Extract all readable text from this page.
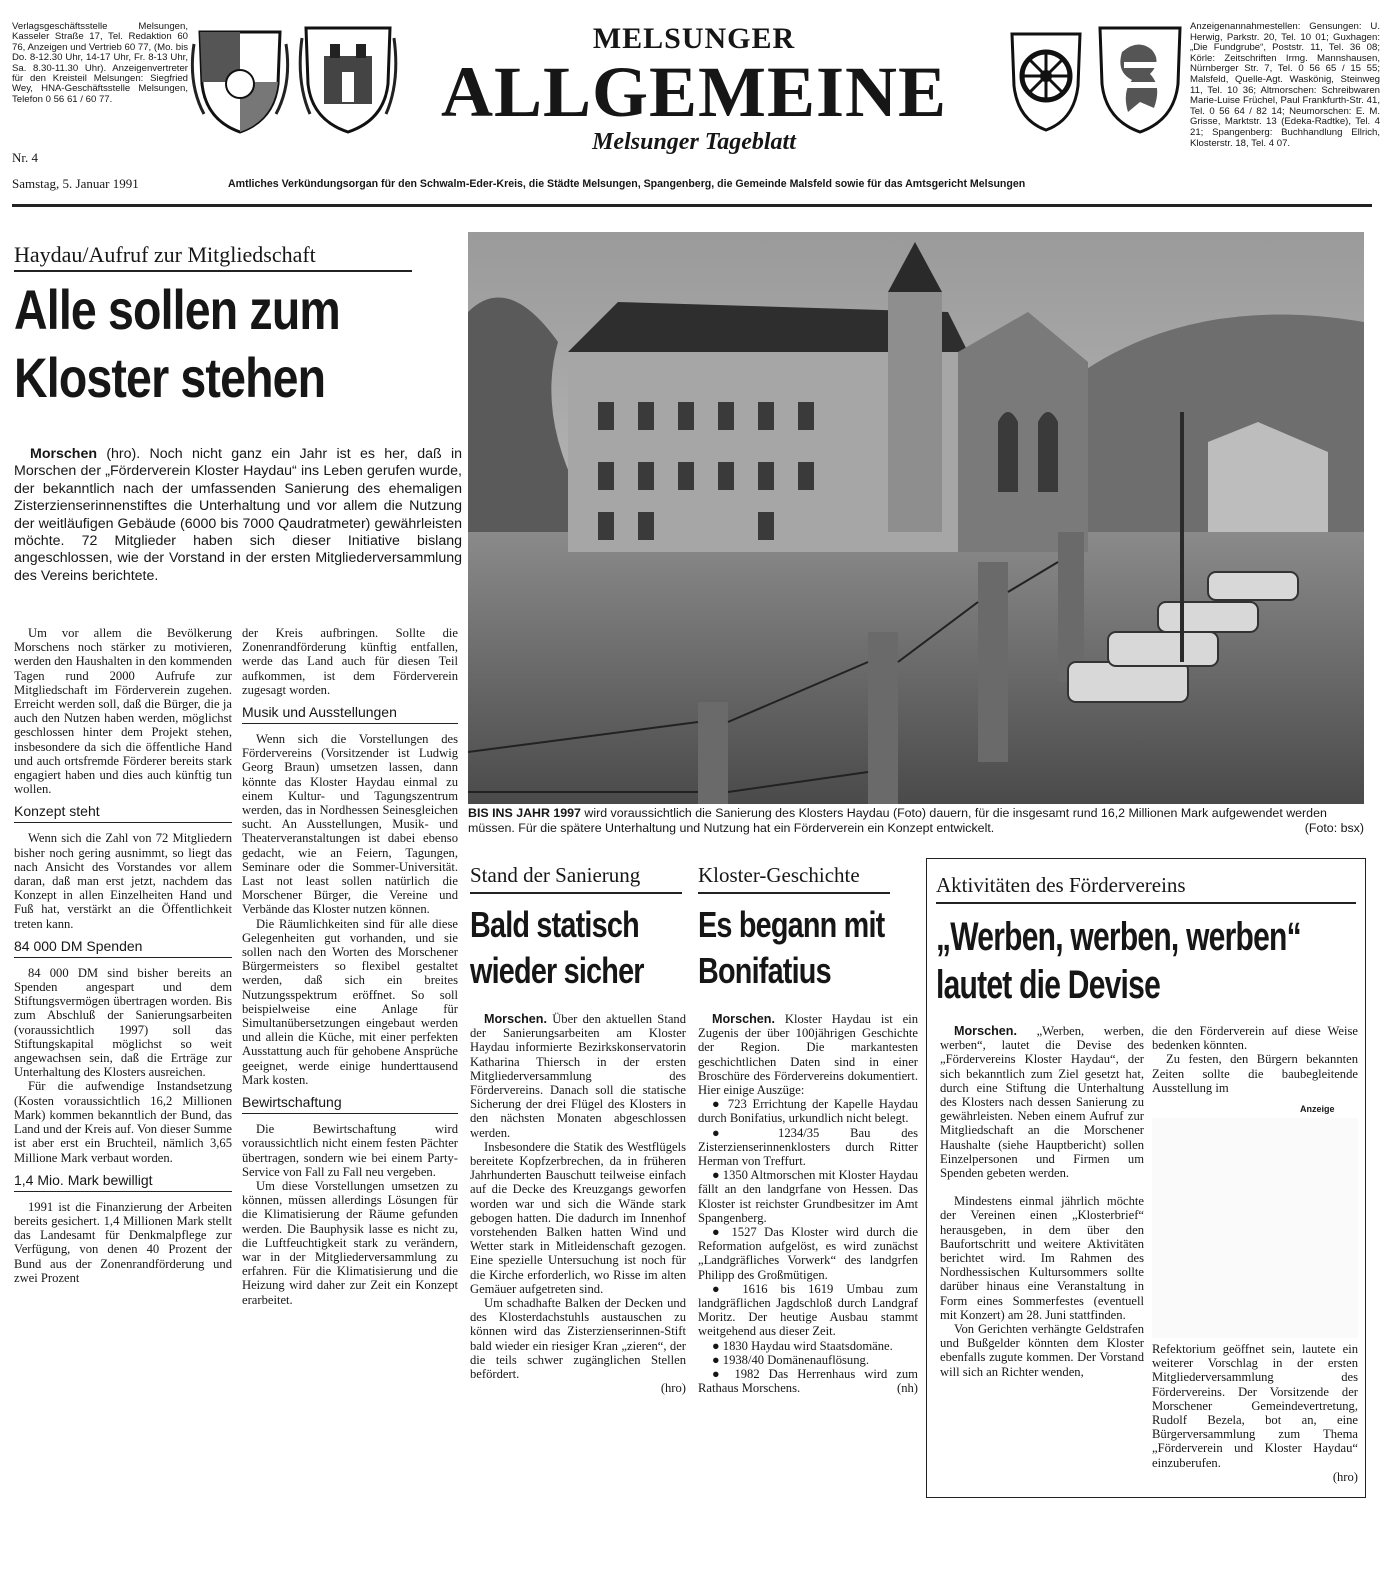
Verlagsgeschäftsstelle Melsungen, Kasseler Straße 17, Tel. Redaktion 60 76, Anzeigen und Vertrieb 60 77, (Mo. bis Do. 8-12.30 Uhr, 14-17 Uhr, Fr. 8-13 Uhr, Sa. 8.30-11.30 Uhr). Anzeigenvertreter für den Kreisteil Melsungen: Siegfried Wey, HNA-Geschäftsstelle Melsungen, Telefon 0 56 61 / 60 77.
MELSUNGER
ALLGEMEINE
Melsunger Tageblatt
Anzeigenannahmestellen: Gensungen: U. Herwig, Parkstr. 20, Tel. 10 01; Guxhagen: „Die Fundgrube“, Poststr. 11, Tel. 36 08; Körle: Zeitschriften Irmg. Mannshausen, Nürnberger Str. 7, Tel. 0 56 65 / 15 55; Malsfeld, Quelle-Agt. Waskönig, Steinweg 11, Tel. 10 36; Altmorschen: Schreibwaren Marie-Luise Früchel, Paul Frankfurth-Str. 41, Tel. 0 56 64 / 82 14; Neumorschen: E. M. Grisse, Marktstr. 13 (Edeka-Radtke), Tel. 4 21; Spangenberg: Buchhandlung Ellrich, Klosterstr. 18, Tel. 4 07.
Nr. 4
Samstag, 5. Januar 1991	Amtliches Verkündungsorgan für den Schwalm-Eder-Kreis, die Städte Melsungen, Spangenberg, die Gemeinde Malsfeld sowie für das Amtsgericht Melsungen
Haydau/Aufruf zur Mitgliedschaft
Alle sollen zum
Kloster stehen
Morschen (hro). Noch nicht ganz ein Jahr ist es her, daß in Morschen der „Förderverein Kloster Haydau“ ins Leben gerufen wurde, der bekanntlich nach der umfassenden Sanierung des ehemaligen Zisterzienserinnenstiftes die Unterhaltung und vor allem die Nutzung der weitläufigen Gebäude (6000 bis 7000 Qaudratmeter) gewährleisten möchte. 72 Mitglieder haben sich dieser Initiative bislang angeschlossen, wie der Vorstand in der ersten Mitgliederversammlung des Vereins berichtete.

Um vor allem die Bevölkerung Morschens noch stärker zu motivieren, werden den Haushalten in den kommenden Tagen rund 2000 Aufrufe zur Mitgliedschaft im Förderverein zugehen. Erreicht werden soll, daß die Bürger, die ja auch den Nutzen haben werden, möglichst geschlossen hinter dem Projekt stehen, insbesondere da sich die öffentliche Hand und auch ortsfremde Förderer bereits stark engagiert haben und dies auch künftig tun wollen.

Konzept steht

Wenn sich die Zahl von 72 Mitgliedern bisher noch gering ausnimmt, so liegt das nach Ansicht des Vorstandes vor allem daran, daß man erst jetzt, nachdem das Konzept in allen Einzelheiten Hand und Fuß hat, verstärkt an die Öffentlichkeit treten kann.

84 000 DM Spenden

84 000 DM sind bisher bereits an Spenden angespart und dem Stiftungsvermögen übertragen worden. Bis zum Abschluß der Sanierungsarbeiten (voraussichtlich 1997) soll das Stiftungskapital möglichst so weit angewachsen sein, daß die Erträge zur Unterhaltung des Klosters ausreichen.

Für die aufwendige Instandsetzung (Kosten voraussichtlich 16,2 Millionen Mark) kommen bekanntlich der Bund, das Land und der Kreis auf. Von dieser Summe ist aber erst ein Bruchteil, nämlich 3,65 Millione Mark verbaut worden.

1,4 Mio. Mark bewilligt

1991 ist die Finanzierung der Arbeiten bereits gesichert. 1,4 Millionen Mark stellt das Landesamt für Denkmalpflege zur Verfügung, von denen 40 Prozent der Bund aus der Zonenrandförderung und zwei Prozent

der Kreis aufbringen. Sollte die Zonenrandförderung künftig entfallen, werde das Land auch für diesen Teil aufkommen, ist dem Förderverein zugesagt worden.

Musik und Ausstellungen

Wenn sich die Vorstellungen des Fördervereins (Vorsitzender ist Ludwig Georg Braun) umsetzen lassen, dann könnte das Kloster Haydau einmal zu einem Kultur- und Tagungszentrum werden, das in Nordhessen Seinesgleichen sucht. An Ausstellungen, Musik- und Theaterveranstaltungen ist dabei ebenso gedacht, wie an Feiern, Tagungen, Seminare oder die Sommer-Universität. Last not least sollen natürlich die Morschener Bürger, die Vereine und Verbände das Kloster nutzen können.

Die Räumlichkeiten sind für alle diese Gelegenheiten gut vorhanden, und sie sollen nach den Worten des Morschener Bürgermeisters so flexibel gestaltet werden, daß sich ein breites Nutzungsspektrum eröffnet. So soll beispielweise eine Anlage für Simultanübersetzungen eingebaut werden und allein die Küche, mit einer perfekten Ausstattung auch für gehobene Ansprüche geeignet, werde einige hunderttausend Mark kosten.

Bewirtschaftung

Die Bewirtschaftung wird voraussichtlich nicht einem festen Pächter übertragen, sondern wie bei einem Party-Service von Fall zu Fall neu vergeben.

Um diese Vorstellungen umsetzen zu können, müssen allerdings Lösungen für die Klimatisierung der Räume gefunden werden. Die Bauphysik lasse es nicht zu, die Luftfeuchtigkeit stark zu verändern, war in der Mitgliederversammlung zu erfahren. Für die Klimatisierung und die Heizung wird daher zur Zeit ein Konzept erarbeitet.

BIS INS JAHR 1997 wird voraussichtlich die Sanierung des Klosters Haydau (Foto) dauern, für die insgesamt rund 16,2 Millionen Mark aufgewendet werden müssen. Für die spätere Unterhaltung und Nutzung hat ein Förderverein ein Konzept entwickelt.	(Foto: bsx)
Stand der Sanierung
Bald statisch
wieder sicher

Morschen. Über den aktuellen Stand der Sanierungsarbeiten am Kloster Haydau informierte Bezirkskonservatorin Katharina Thiersch in der ersten Mitgliederversammlung des Fördervereins. Danach soll die statische Sicherung der drei Flügel des Klosters in den nächsten Monaten abgeschlossen werden.

Insbesondere die Statik des Westflügels bereitete Kopfzerbrechen, da in früheren Jahrhunderten Bauschutt teilweise einfach auf die Decke des Kreuzgangs geworfen worden war und sich die Wände stark gebogen hatten. Die dadurch im Innenhof vorstehenden Balken hatten Wind und Wetter stark in Mitleidenschaft gezogen. Eine spezielle Untersuchung ist noch für die Kirche erforderlich, wo Risse im alten Gemäuer aufgetreten sind.

Um schadhafte Balken der Decken und des Klosterdachstuhls austauschen zu können wird das Zisterzienserinnen-Stift bald wieder ein riesiger Kran „zieren“, der die teils schwer zugänglichen Stellen befördert.

(hro)

Kloster-Geschichte
Es begann mit
Bonifatius

Morschen. Kloster Haydau ist ein Zugenis der über 100jährigen Geschichte der Region. Die markantesten geschichtlichen Daten sind in einer Broschüre des Fördervereins dokumentiert. Hier einige Auszüge:

● 723 Errichtung der Kapelle Haydau durch Bonifatius, urkundlich nicht belegt.

● 1234/35 Bau des Zisterzienserinnenklosters durch Ritter Herman von Treffurt.

● 1350 Altmorschen mit Kloster Haydau fällt an den landgrfane von Hessen. Das Kloster ist reichster Grundbesitzer im Amt Spangenberg.

● 1527 Das Kloster wird durch die Reformation aufgelöst, es wird zunächst „Landgräfliches Vorwerk“ des landgrfen Philipp des Großmütigen.

● 1616 bis 1619 Umbau zum landgräflichen Jagdschloß durch Landgraf Moritz. Der heutige Ausbau stammt weitgehend aus dieser Zeit.

● 1830 Haydau wird Staatsdomäne.

● 1938/40 Domänenauflösung.

● 1982 Das Herrenhaus wird zum Rathaus Morschens.	(nh)

Aktivitäten des Fördervereins
„Werben, werben, werben“
lautet die Devise

Morschen. „Werben, werben, werben“, lautet die Devise des „Fördervereins Kloster Haydau“, der sich bekanntlich zum Ziel gesetzt hat, durch eine Stiftung die Unterhaltung des Klosters nach dessen Sanierung zu gewährleisten. Neben einem Aufruf zur Mitgliedschaft an die Morschener Haushalte (siehe Hauptbericht) sollen Einzelpersonen und Firmen um Spenden gebeten werden.

Mindestens einmal jährlich möchte der Vereinen einen „Klosterbrief“ herausgeben, in dem über den Baufortschritt und weitere Aktivitäten berichtet wird. Im Rahmen des Nordhessischen Kultursommers sollte darüber hinaus eine Veranstaltung in Form eines Sommerfestes (eventuell mit Konzert) am 28. Juni stattfinden.

Von Gerichten verhängte Geldstrafen und Bußgelder könnten dem Kloster ebenfalls zugute kommen. Der Vorstand will sich an Richter wenden,

die den Förderverein auf diese Weise bedenken könnten.

Zu festen, den Bürgern bekannten Zeiten sollte die baubegleitende Ausstellung im

Anzeige

Refektorium geöffnet sein, lautete ein weiterer Vorschlag in der ersten Mitgliederversammlung des Fördervereins. Der Vorsitzende der Morschener Gemeindevertretung, Rudolf Bezela, bot an, eine Bürgerversammlung zum Thema „Förderverein und Kloster Haydau“ einzuberufen.

(hro)
